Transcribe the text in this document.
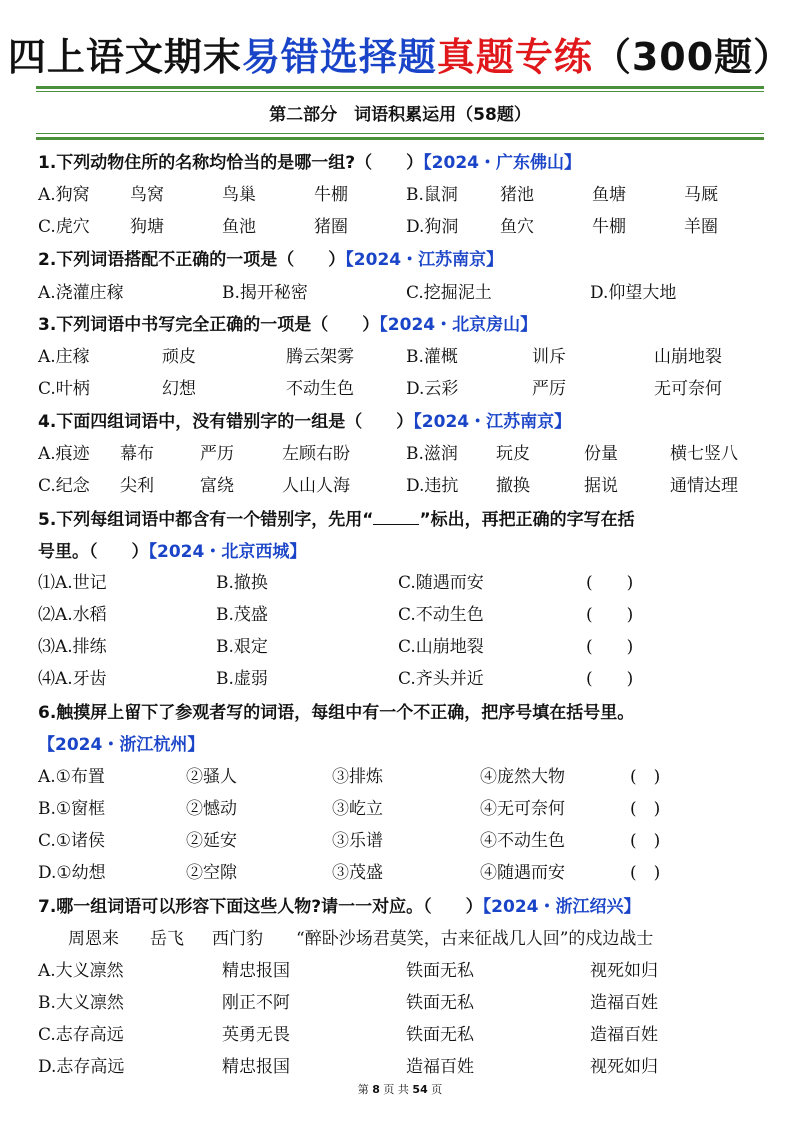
四上语文期末易错选择题真题专练（300题）
第二部分　词语积累运用（58题）
1.下列动物住所的名称均恰当的是哪一组?（　　）【2024・广东佛山】
A.狗窝 鸟窝	鸟巢	牛棚	B.鼠洞 猪池	鱼塘	马厩
C.虎穴 狗塘	鱼池	猪圈	D.狗洞 鱼穴	牛棚	羊圈
2.下列词语搭配不正确的一项是（　　）【2024・江苏南京】
A.浇灌庄稼	B.揭开秘密	C.挖掘泥土	D.仰望大地
3.下列词语中书写完全正确的一项是（　　）【2024・北京房山】
A.庄稼	顽皮	腾云架雾	B.灌概	训斥	山崩地裂
C.叶柄	幻想	不动生色	D.云彩	严厉	无可奈何
4.下面四组词语中，没有错别字的一组是（　　）【2024・江苏南京】
A.痕迹 幕布	严历	左顾右盼	B.滋润 玩皮	份量	横七竖八
C.纪念 尖利	富绕	人山人海	D.违抗 撤换	据说	通情达理
5.下列每组词语中都含有一个错别字，先用“	”标出，再把正确的字写在括
号里。（　　）【2024・北京西城】
⑴A.世记	B.撤换	C.随遇而安	(　　)
⑵A.水稻	B.茂盛	C.不动生色	(　　)
⑶A.排练	B.艰定	C.山崩地裂	(　　)
⑷A.牙齿	B.虚弱	C.齐头并近	(　　)
6.触摸屏上留下了参观者写的词语，每组中有一个不正确，把序号填在括号里。
【2024・浙江杭州】
A.①布置	②骚人	③排炼	④庞然大物	(　)
B.①窗框	②憾动	③屹立	④无可奈何	(　)
C.①诸侯	②延安	③乐谱	④不动生色	(　)
D.①幼想	②空隙	③茂盛	④随遇而安	(　)
7.哪一组词语可以形容下面这些人物?请一一对应。（　　）【2024・浙江绍兴】
周恩来 岳飞 西门豹 “醉卧沙场君莫笑，古来征战几人回”的戍边战士
A.大义凛然	精忠报国	铁面无私	视死如归
B.大义凛然	刚正不阿	铁面无私	造福百姓
C.志存高远	英勇无畏	铁面无私	造福百姓
D.志存高远	精忠报国	造福百姓	视死如归
第 8 页 共 54 页
